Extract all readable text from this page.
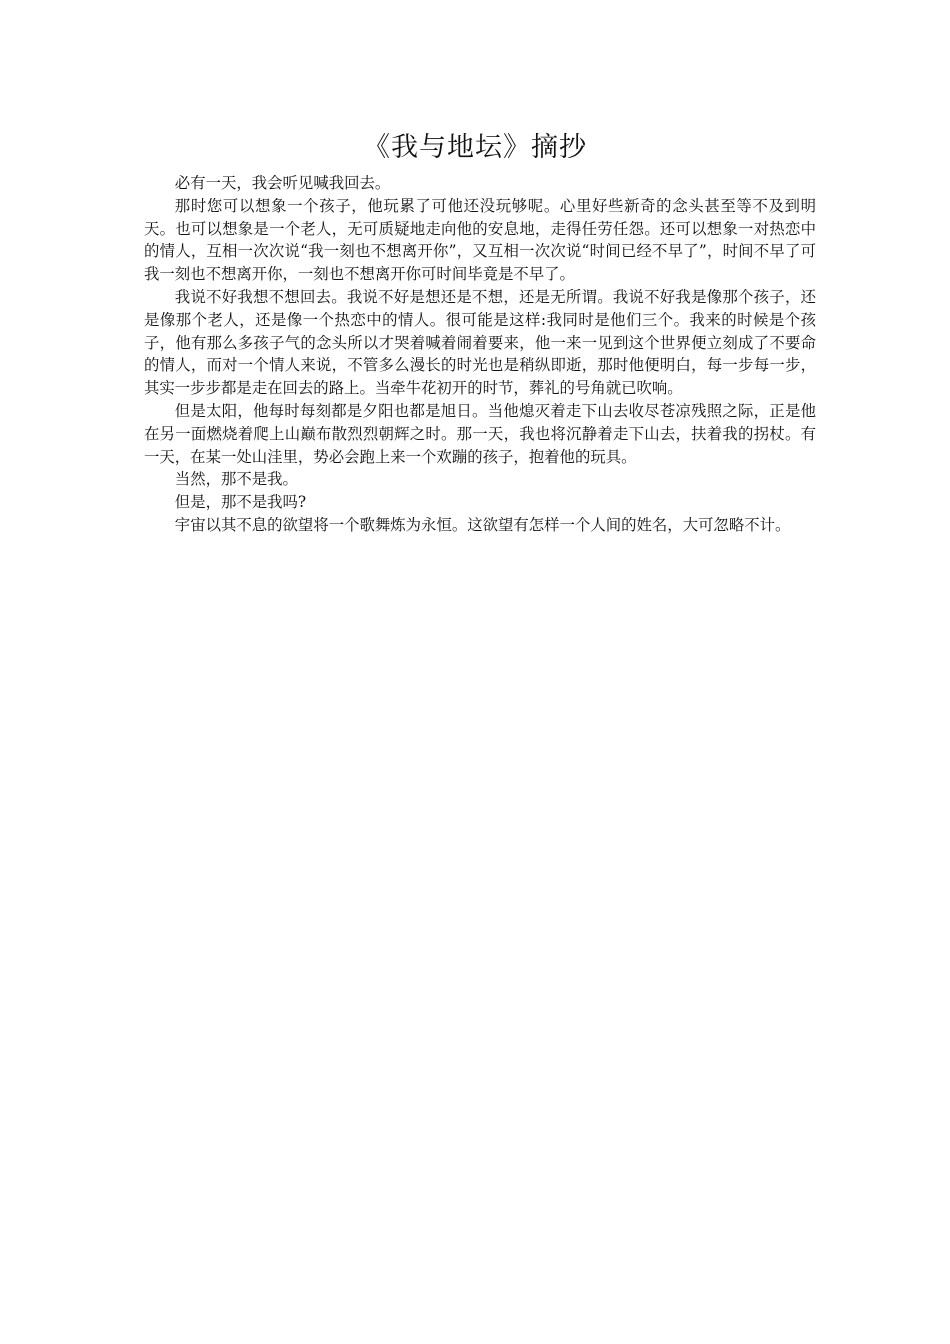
《我与地坛》摘抄

必有一天，我会听见喊我回去。

那时您可以想象一个孩子，他玩累了可他还没玩够呢。心里好些新奇的念头甚至等不及到明天。也可以想象是一个老人，无可质疑地走向他的安息地，走得任劳任怨。还可以想象一对热恋中的情人，互相一次次说“我一刻也不想离开你”，又互相一次次说“时间已经不早了”，时间不早了可我一刻也不想离开你，一刻也不想离开你可时间毕竟是不早了。

我说不好我想不想回去。我说不好是想还是不想，还是无所谓。我说不好我是像那个孩子，还是像那个老人，还是像一个热恋中的情人。很可能是这样:我同时是他们三个。我来的时候是个孩子，他有那么多孩子气的念头所以才哭着喊着闹着要来，他一来一见到这个世界便立刻成了不要命的情人，而对一个情人来说，不管多么漫长的时光也是稍纵即逝，那时他便明白，每一步每一步，其实一步步都是走在回去的路上。当牵牛花初开的时节，葬礼的号角就已吹响。

但是太阳，他每时每刻都是夕阳也都是旭日。当他熄灭着走下山去收尽苍凉残照之际，正是他在另一面燃烧着爬上山巅布散烈烈朝辉之时。那一天，我也将沉静着走下山去，扶着我的拐杖。有一天，在某一处山洼里，势必会跑上来一个欢蹦的孩子，抱着他的玩具。

当然，那不是我。

但是，那不是我吗?

宇宙以其不息的欲望将一个歌舞炼为永恒。这欲望有怎样一个人间的姓名，大可忽略不计。
